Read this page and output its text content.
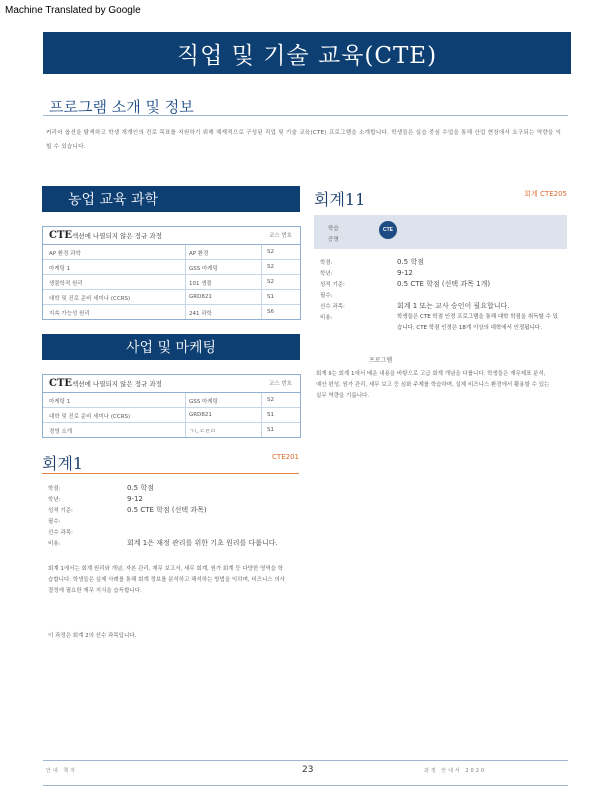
Machine Translated by Google
직업 및 기술 교육(CTE)
프로그램 소개 및 정보
커리어 옵션을 탐색하고 학생 개개인의 진로 목표를 지원하기 위해 체계적으로 구성된 직업 및 기술 교육(CTE) 프로그램을 소개합니다. 학생들은 실습 중심 수업을 통해 산업 현장에서 요구되는 역량을 익힐 수 있습니다.
농업 교육 과학
CTE섹션에 나열되지 않은 정규 과정	코스 번호
AP 환경 과학	AP 환경	S2
마케팅 1	GSS 마케팅	S2
생물학적 원리	101 생물	S2
대학 및 진로 준비 세미나 (CCRS)	GRD821	S1
지속 가능성 원리	241 과학	S6
사업 및 마케팅
CTE섹션에 나열되지 않은 정규 과정	코스 번호
마케팅 1	GSS 마케팅	S2
대학 및 진로 준비 세미나 (CCRS)	GRD821	S1
경영 소개	ㄱㄴㄷㄹㅁ	S1
회계1	CTE201
회계 1에서는 회계 원리와 개념, 자본 관리, 재무 보고서, 세무 회계, 원가 회계 등 다양한 영역을 학습합니다. 학생들은 실제 사례를 통해 회계 정보를 분석하고 해석하는 방법을 익히며, 비즈니스 의사 결정에 필요한 재무 지식을 습득합니다.
이 과정은 회계 2의 선수 과목입니다.
학점:	0.5 학점
학년:	9-12
성적 기준:	0.5 CTE 학점 (선택 과목)
필수:
선수 과목:
비용:	회계 1은 재정 관리를 위한 기초 원리를 다룹니다.
회계11	회계 CTE205
학습
증명
CTE
프로그램
회계 II는 회계 1에서 배운 내용을 바탕으로 고급 회계 개념을 다룹니다. 학생들은 재무제표 분석, 예산 편성, 원가 관리, 세무 보고 등 심화 주제를 학습하며, 실제 비즈니스 환경에서 활용할 수 있는 실무 역량을 기릅니다.
학점:	0.5 학점
학년:	9-12
성적 기준:	0.5 CTE 학점 (선택 과목 1개)
필수:
선수 과목:	회계 1 또는 교사 승인이 필요합니다.
비용:	학생들은 CTE 학점 인정 프로그램을 통해 대학 학점을 취득할 수 있습니다. CTE 학점 인정은 18개 이상의 대학에서 인정됩니다.
안내 책자	23	과정 안내서 2020
